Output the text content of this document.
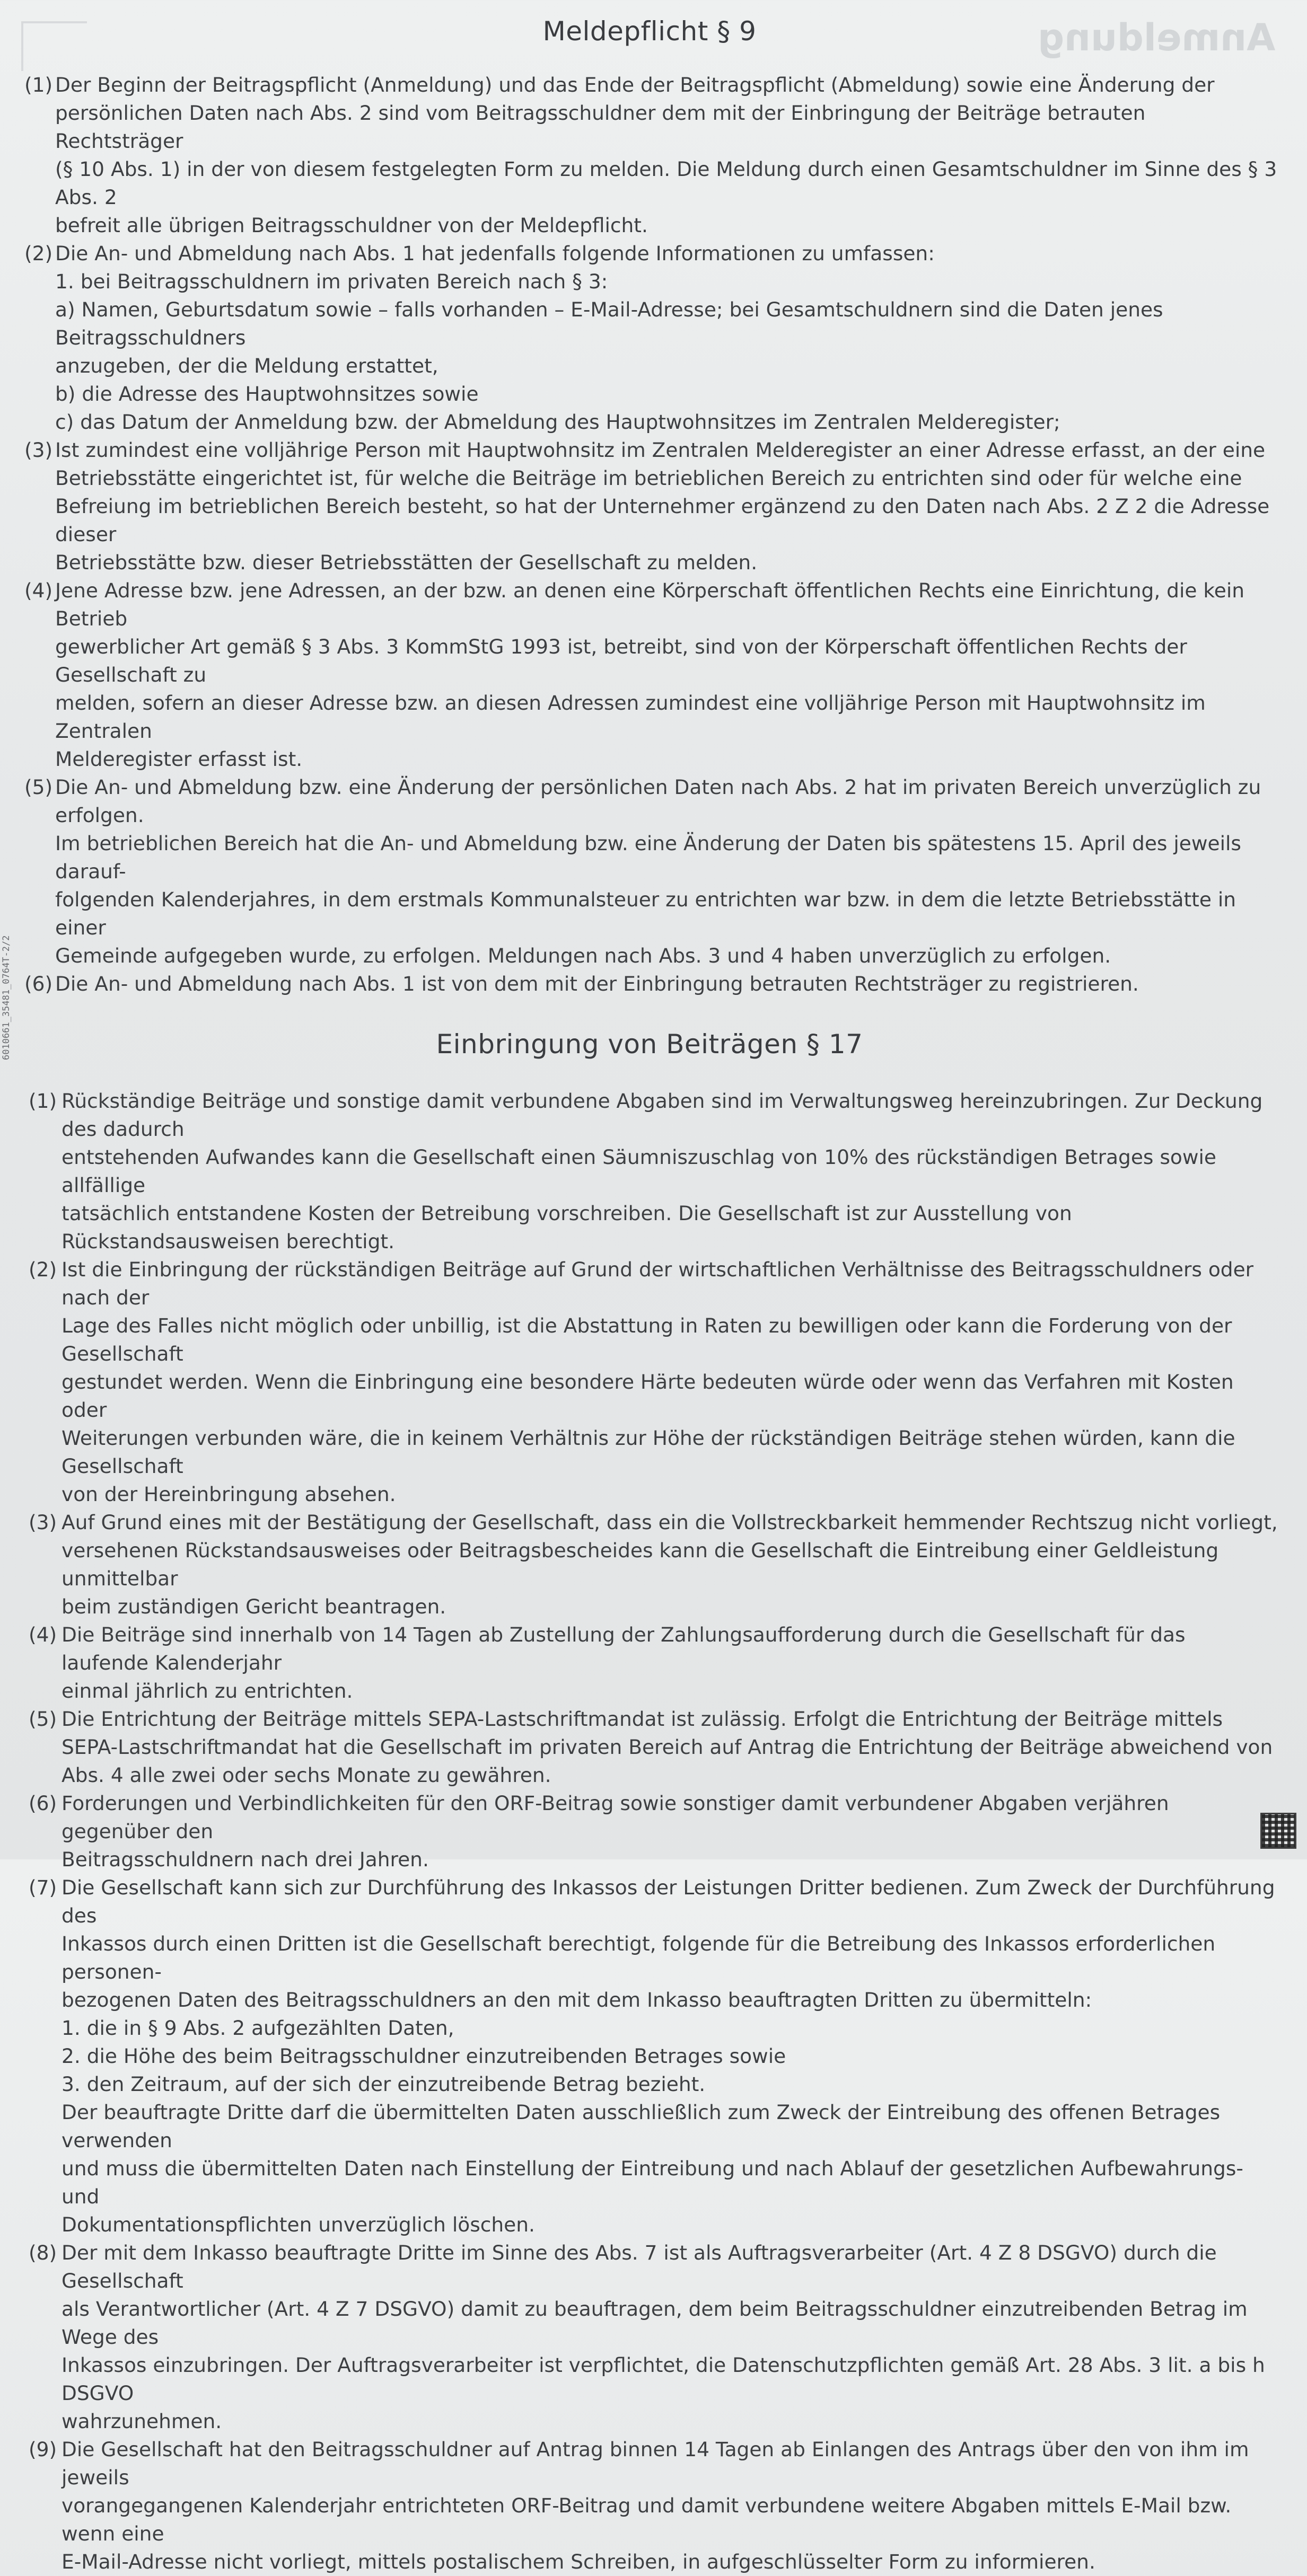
Anmeldung
6010661_35481_0764T-2/2
Meldepflicht § 9

(1) Der Beginn der Beitragspflicht (Anmeldung) und das Ende der Beitragspflicht (Abmeldung) sowie eine Änderung der
persönlichen Daten nach Abs. 2 sind vom Beitragsschuldner dem mit der Einbringung der Beiträge betrauten Rechtsträger
(§ 10 Abs. 1) in der von diesem festgelegten Form zu melden. Die Meldung durch einen Gesamtschuldner im Sinne des § 3 Abs. 2
befreit alle übrigen Beitragsschuldner von der Meldepflicht.

(2) Die An- und Abmeldung nach Abs. 1 hat jedenfalls folgende Informationen zu umfassen:
1. bei Beitragsschuldnern im privaten Bereich nach § 3:
a) Namen, Geburtsdatum sowie – falls vorhanden – E-Mail-Adresse; bei Gesamtschuldnern sind die Daten jenes Beitragsschuldners
anzugeben, der die Meldung erstattet,
b) die Adresse des Hauptwohnsitzes sowie
c) das Datum der Anmeldung bzw. der Abmeldung des Hauptwohnsitzes im Zentralen Melderegister;

(3) Ist zumindest eine volljährige Person mit Hauptwohnsitz im Zentralen Melderegister an einer Adresse erfasst, an der eine
Betriebsstätte eingerichtet ist, für welche die Beiträge im betrieblichen Bereich zu entrichten sind oder für welche eine
Befreiung im betrieblichen Bereich besteht, so hat der Unternehmer ergänzend zu den Daten nach Abs. 2 Z 2 die Adresse dieser
Betriebsstätte bzw. dieser Betriebsstätten der Gesellschaft zu melden.

(4) Jene Adresse bzw. jene Adressen, an der bzw. an denen eine Körperschaft öffentlichen Rechts eine Einrichtung, die kein Betrieb
gewerblicher Art gemäß § 3 Abs. 3 KommStG 1993 ist, betreibt, sind von der Körperschaft öffentlichen Rechts der Gesellschaft zu
melden, sofern an dieser Adresse bzw. an diesen Adressen zumindest eine volljährige Person mit Hauptwohnsitz im Zentralen
Melderegister erfasst ist.

(5) Die An- und Abmeldung bzw. eine Änderung der persönlichen Daten nach Abs. 2 hat im privaten Bereich unverzüglich zu erfolgen.
Im betrieblichen Bereich hat die An- und Abmeldung bzw. eine Änderung der Daten bis spätestens 15. April des jeweils darauf-
folgenden Kalenderjahres, in dem erstmals Kommunalsteuer zu entrichten war bzw. in dem die letzte Betriebsstätte in einer
Gemeinde aufgegeben wurde, zu erfolgen. Meldungen nach Abs. 3 und 4 haben unverzüglich zu erfolgen.

(6) Die An- und Abmeldung nach Abs. 1 ist von dem mit der Einbringung betrauten Rechtsträger zu registrieren.

Einbringung von Beiträgen § 17

(1) Rückständige Beiträge und sonstige damit verbundene Abgaben sind im Verwaltungsweg hereinzubringen. Zur Deckung des dadurch
entstehenden Aufwandes kann die Gesellschaft einen Säumniszuschlag von 10% des rückständigen Betrages sowie allfällige
tatsächlich entstandene Kosten der Betreibung vorschreiben. Die Gesellschaft ist zur Ausstellung von Rückstandsausweisen berechtigt.

(2) Ist die Einbringung der rückständigen Beiträge auf Grund der wirtschaftlichen Verhältnisse des Beitragsschuldners oder nach der
Lage des Falles nicht möglich oder unbillig, ist die Abstattung in Raten zu bewilligen oder kann die Forderung von der Gesellschaft
gestundet werden. Wenn die Einbringung eine besondere Härte bedeuten würde oder wenn das Verfahren mit Kosten oder
Weiterungen verbunden wäre, die in keinem Verhältnis zur Höhe der rückständigen Beiträge stehen würden, kann die Gesellschaft
von der Hereinbringung absehen.

(3) Auf Grund eines mit der Bestätigung der Gesellschaft, dass ein die Vollstreckbarkeit hemmender Rechtszug nicht vorliegt,
versehenen Rückstandsausweises oder Beitragsbescheides kann die Gesellschaft die Eintreibung einer Geldleistung unmittelbar
beim zuständigen Gericht beantragen.

(4) Die Beiträge sind innerhalb von 14 Tagen ab Zustellung der Zahlungsaufforderung durch die Gesellschaft für das laufende Kalenderjahr
einmal jährlich zu entrichten.

(5) Die Entrichtung der Beiträge mittels SEPA-Lastschriftmandat ist zulässig. Erfolgt die Entrichtung der Beiträge mittels
SEPA-Lastschriftmandat hat die Gesellschaft im privaten Bereich auf Antrag die Entrichtung der Beiträge abweichend von
Abs. 4 alle zwei oder sechs Monate zu gewähren.

(6) Forderungen und Verbindlichkeiten für den ORF-Beitrag sowie sonstiger damit verbundener Abgaben verjähren gegenüber den
Beitragsschuldnern nach drei Jahren.

(7) Die Gesellschaft kann sich zur Durchführung des Inkassos der Leistungen Dritter bedienen. Zum Zweck der Durchführung des
Inkassos durch einen Dritten ist die Gesellschaft berechtigt, folgende für die Betreibung des Inkassos erforderlichen personen-
bezogenen Daten des Beitragsschuldners an den mit dem Inkasso beauftragten Dritten zu übermitteln:
1. die in § 9 Abs. 2 aufgezählten Daten,
2. die Höhe des beim Beitragsschuldner einzutreibenden Betrages sowie
3. den Zeitraum, auf der sich der einzutreibende Betrag bezieht.
Der beauftragte Dritte darf die übermittelten Daten ausschließlich zum Zweck der Eintreibung des offenen Betrages verwenden
und muss die übermittelten Daten nach Einstellung der Eintreibung und nach Ablauf der gesetzlichen Aufbewahrungs- und
Dokumentationspflichten unverzüglich löschen.

(8) Der mit dem Inkasso beauftragte Dritte im Sinne des Abs. 7 ist als Auftragsverarbeiter (Art. 4 Z 8 DSGVO) durch die Gesellschaft
als Verantwortlicher (Art. 4 Z 7 DSGVO) damit zu beauftragen, dem beim Beitragsschuldner einzutreibenden Betrag im Wege des
Inkassos einzubringen. Der Auftragsverarbeiter ist verpflichtet, die Datenschutzpflichten gemäß Art. 28 Abs. 3 lit. a bis h DSGVO
wahrzunehmen.

(9) Die Gesellschaft hat den Beitragsschuldner auf Antrag binnen 14 Tagen ab Einlangen des Antrags über den von ihm im jeweils
vorangegangenen Kalenderjahr entrichteten ORF-Beitrag und damit verbundene weitere Abgaben mittels E-Mail bzw. wenn eine
E-Mail-Adresse nicht vorliegt, mittels postalischem Schreiben, in aufgeschlüsselter Form zu informieren.
